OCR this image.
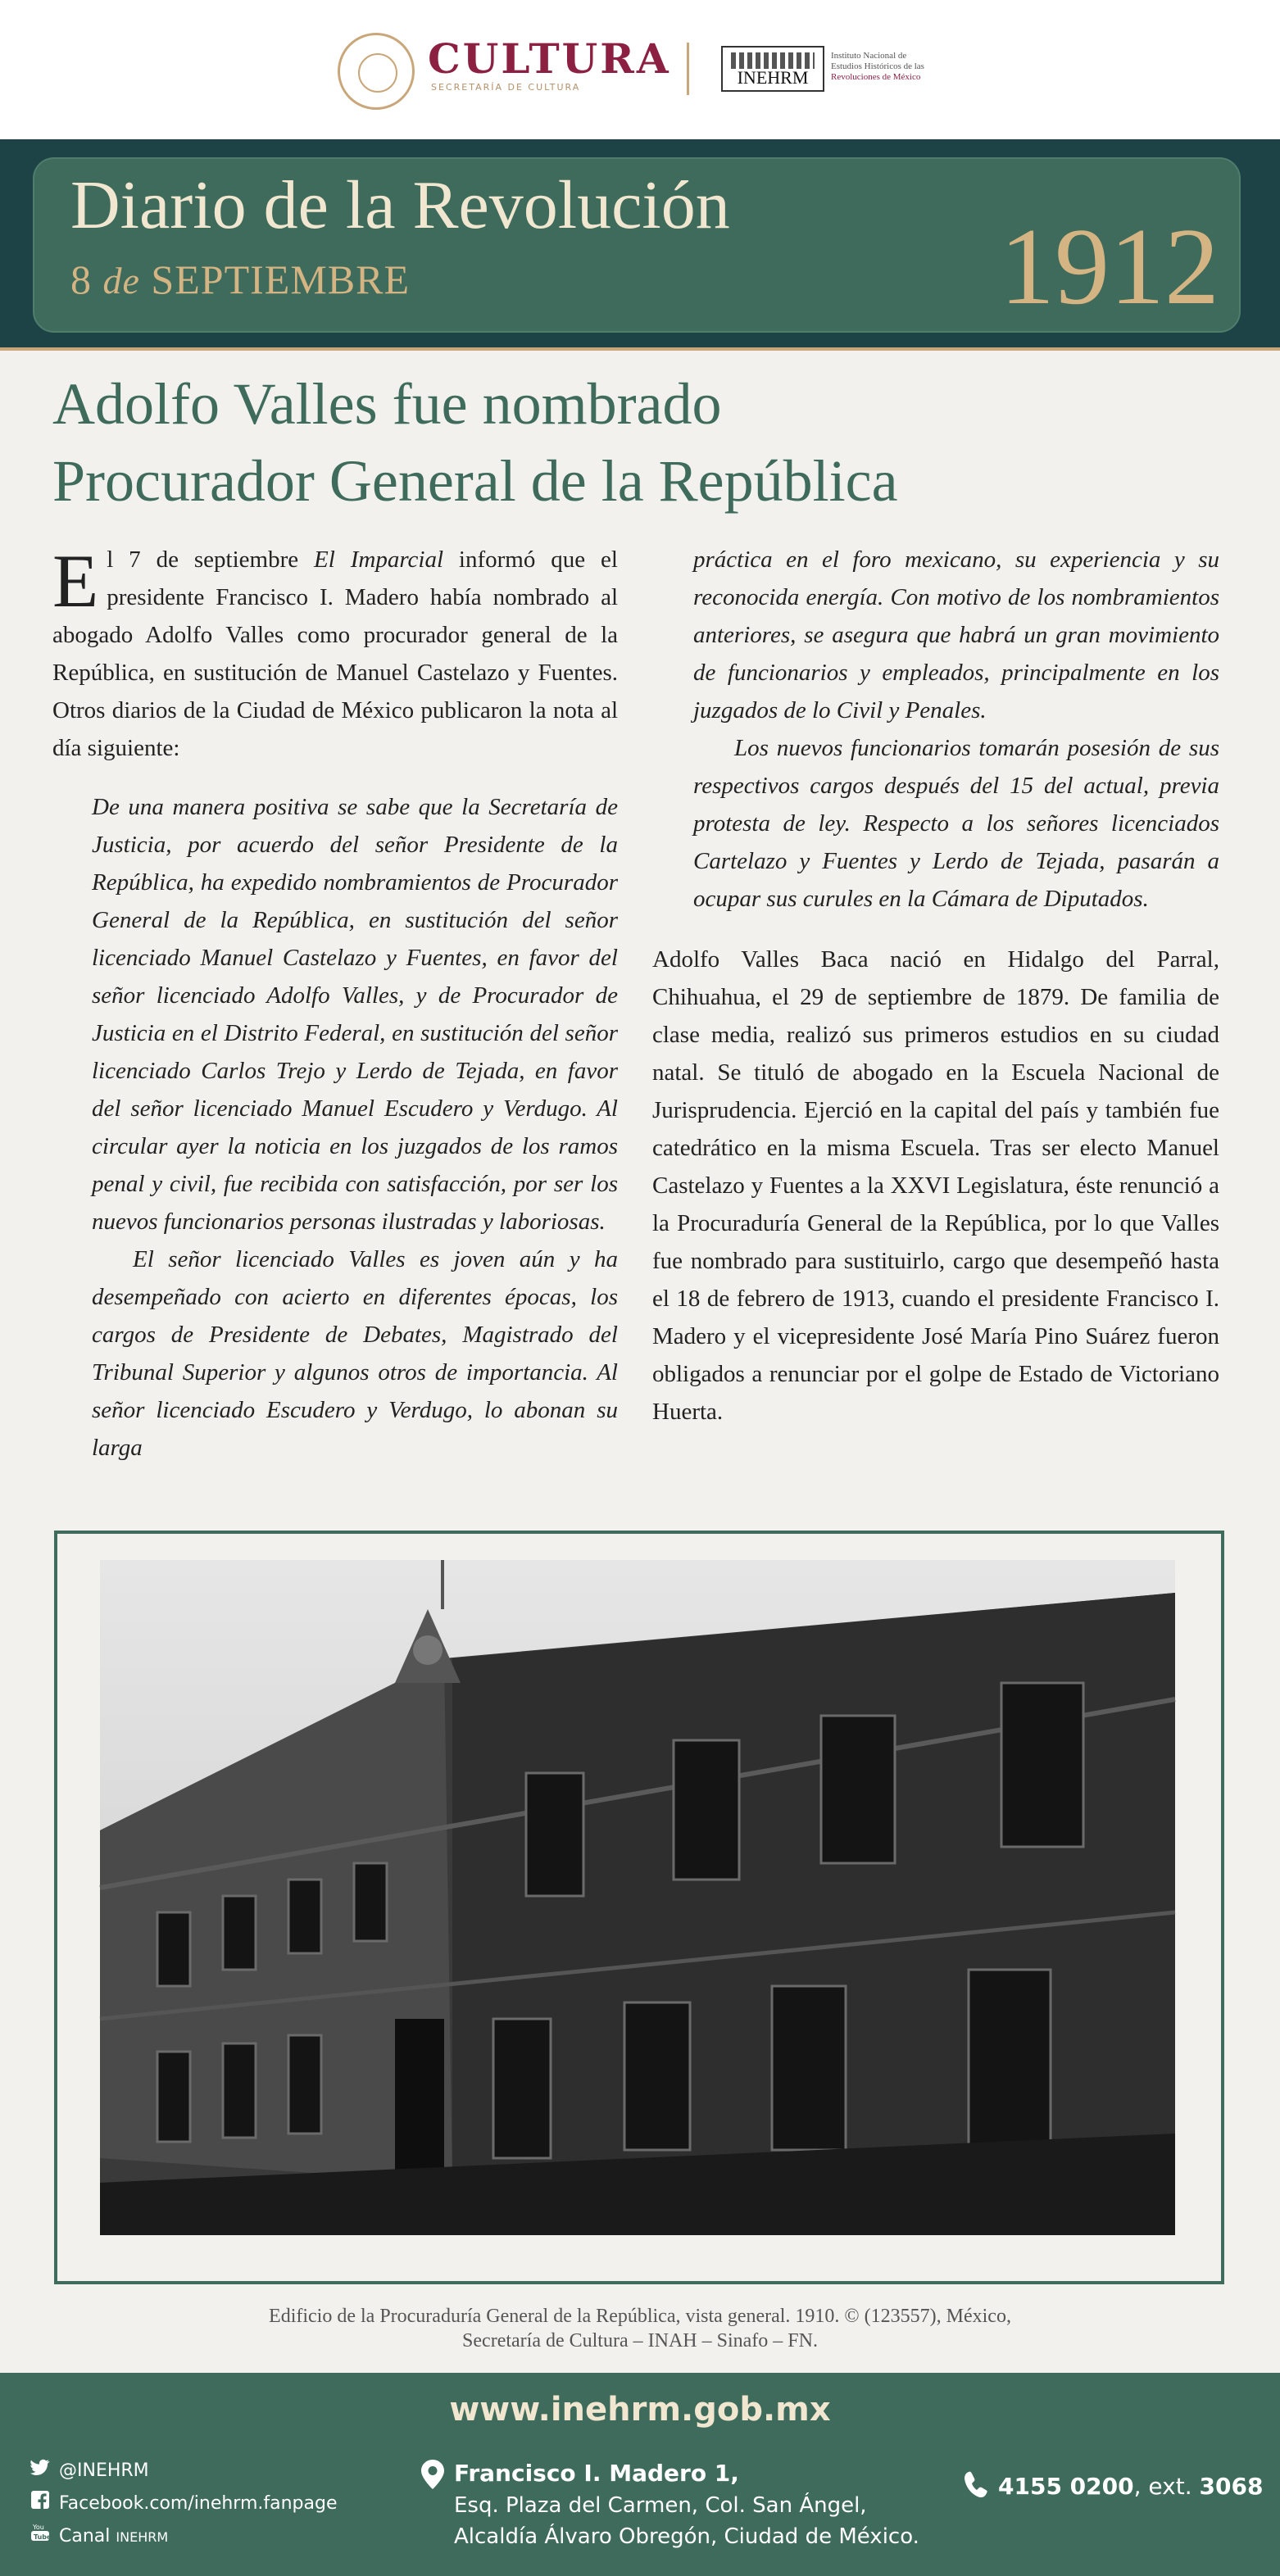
CULTURA
SECRETARÍA DE CULTURA	INEHRM
Instituto Nacional de
Estudios Históricos de las
Revoluciones de México
Diario de la Revolución
8 de SEPTIEMBRE	1912
Adolfo Valles fue nombrado
Procurador General de la República

El 7 de septiembre El Imparcial informó que el presidente Francisco I. Madero había nombrado al abogado Adolfo Valles como procurador general de la República, en sustitución de Manuel Castelazo y Fuentes. Otros diarios de la Ciudad de México publicaron la nota al día siguiente:

De una manera positiva se sabe que la Secretaría de Justicia, por acuerdo del señor Presidente de la República, ha expedido nombramientos de Procurador General de la República, en sustitución del señor licenciado Manuel Castelazo y Fuentes, en favor del señor licenciado Adolfo Valles, y de Procurador de Justicia en el Distrito Federal, en sustitución del señor licenciado Carlos Trejo y Lerdo de Tejada, en favor del señor licenciado Manuel Escudero y Verdugo. Al circular ayer la noticia en los juzgados de los ramos penal y civil, fue recibida con satisfacción, por ser los nuevos funcionarios personas ilustradas y laboriosas.

El señor licenciado Valles es joven aún y ha desempeñado con acierto en diferentes épocas, los cargos de Presidente de Debates, Magistrado del Tribunal Superior y algunos otros de importancia. Al señor licenciado Escudero y Verdugo, lo abonan su larga

práctica en el foro mexicano, su experiencia y su reconocida energía. Con motivo de los nombramientos anteriores, se asegura que habrá un gran movimiento de funcionarios y empleados, principalmente en los juzgados de lo Civil y Penales.

Los nuevos funcionarios tomarán posesión de sus respectivos cargos después del 15 del actual, previa protesta de ley. Respecto a los señores licenciados Cartelazo y Fuentes y Lerdo de Tejada, pasarán a ocupar sus curules en la Cámara de Diputados.

Adolfo Valles Baca nació en Hidalgo del Parral, Chihuahua, el 29 de septiembre de 1879. De familia de clase media, realizó sus primeros estudios en su ciudad natal. Se tituló de abogado en la Escuela Nacional de Jurisprudencia. Ejerció en la capital del país y también fue catedrático en la misma Escuela. Tras ser electo Manuel Castelazo y Fuentes a la XXVI Legislatura, éste renunció a la Procuraduría General de la República, por lo que Valles fue nombrado para sustituirlo, cargo que desempeñó hasta el 18 de febrero de 1913, cuando el presidente Francisco I. Madero y el vicepresidente José María Pino Suárez fueron obligados a renunciar por el golpe de Estado de Victoriano Huerta.

Edificio de la Procuraduría General de la República, vista general. 1910. © (123557), México,
Secretaría de Cultura – INAH – Sinafo – FN.
www.inehrm.gob.mx
@INEHRM
Facebook.com/inehrm.fanpage
You
Tube Canal INEHRM
Francisco I. Madero 1,
Esq. Plaza del Carmen, Col. San Ángel,
Alcaldía Álvaro Obregón, Ciudad de México.
4155 0200, ext. 3068
